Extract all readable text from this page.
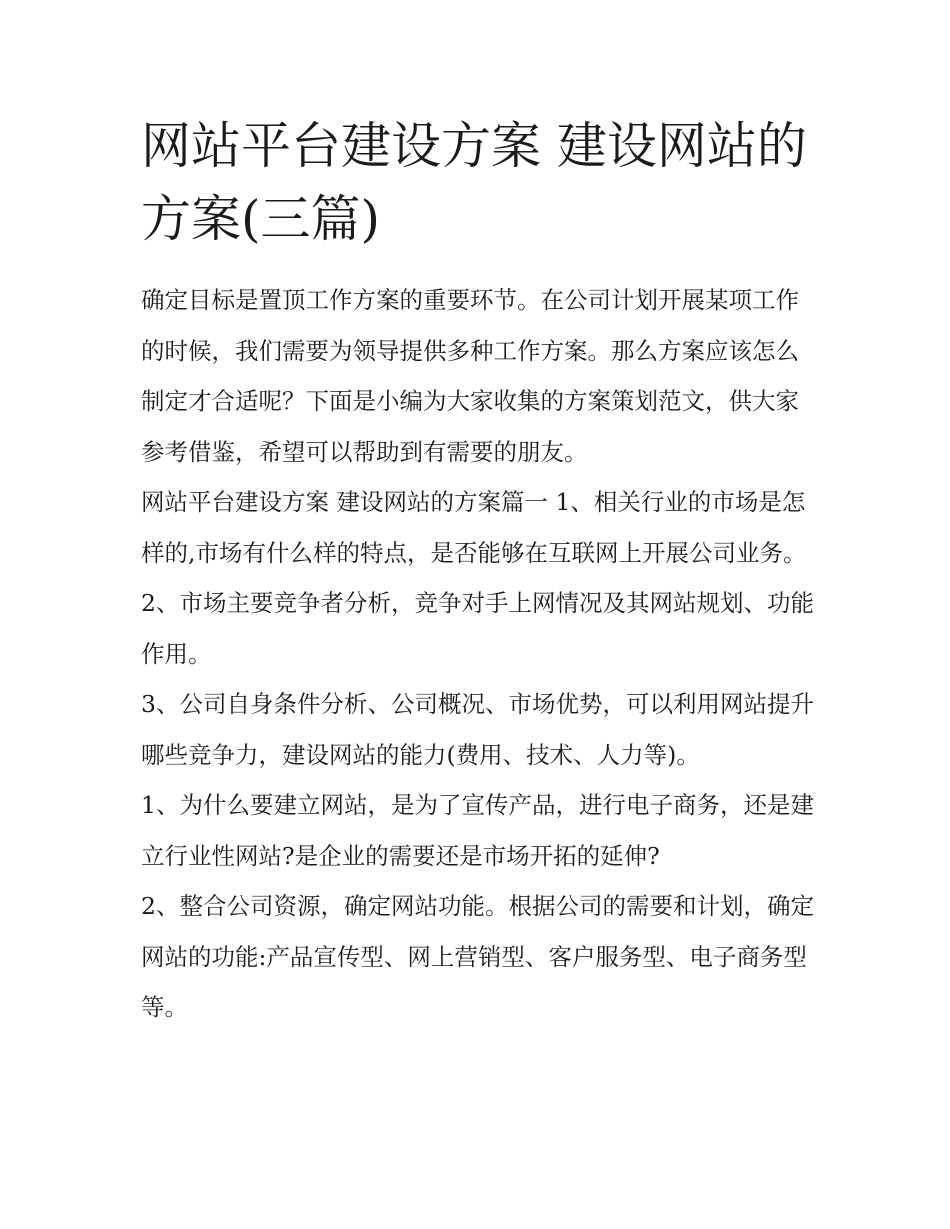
网站平台建设方案 建设网站的方案(三篇)

确定目标是置顶工作方案的重要环节。在公司计划开展某项工作的时候，我们需要为领导提供多种工作方案。那么方案应该怎么制定才合适呢？下面是小编为大家收集的方案策划范文，供大家参考借鉴，希望可以帮助到有需要的朋友。

网站平台建设方案 建设网站的方案篇一 1、相关行业的市场是怎样的,市场有什么样的特点，是否能够在互联网上开展公司业务。

2、市场主要竞争者分析，竞争对手上网情况及其网站规划、功能作用。

3、公司自身条件分析、公司概况、市场优势，可以利用网站提升哪些竞争力，建设网站的能力(费用、技术、人力等)。

1、为什么要建立网站，是为了宣传产品，进行电子商务，还是建立行业性网站?是企业的需要还是市场开拓的延伸?

2、整合公司资源，确定网站功能。根据公司的需要和计划，确定网站的功能:产品宣传型、网上营销型、客户服务型、电子商务型等。
